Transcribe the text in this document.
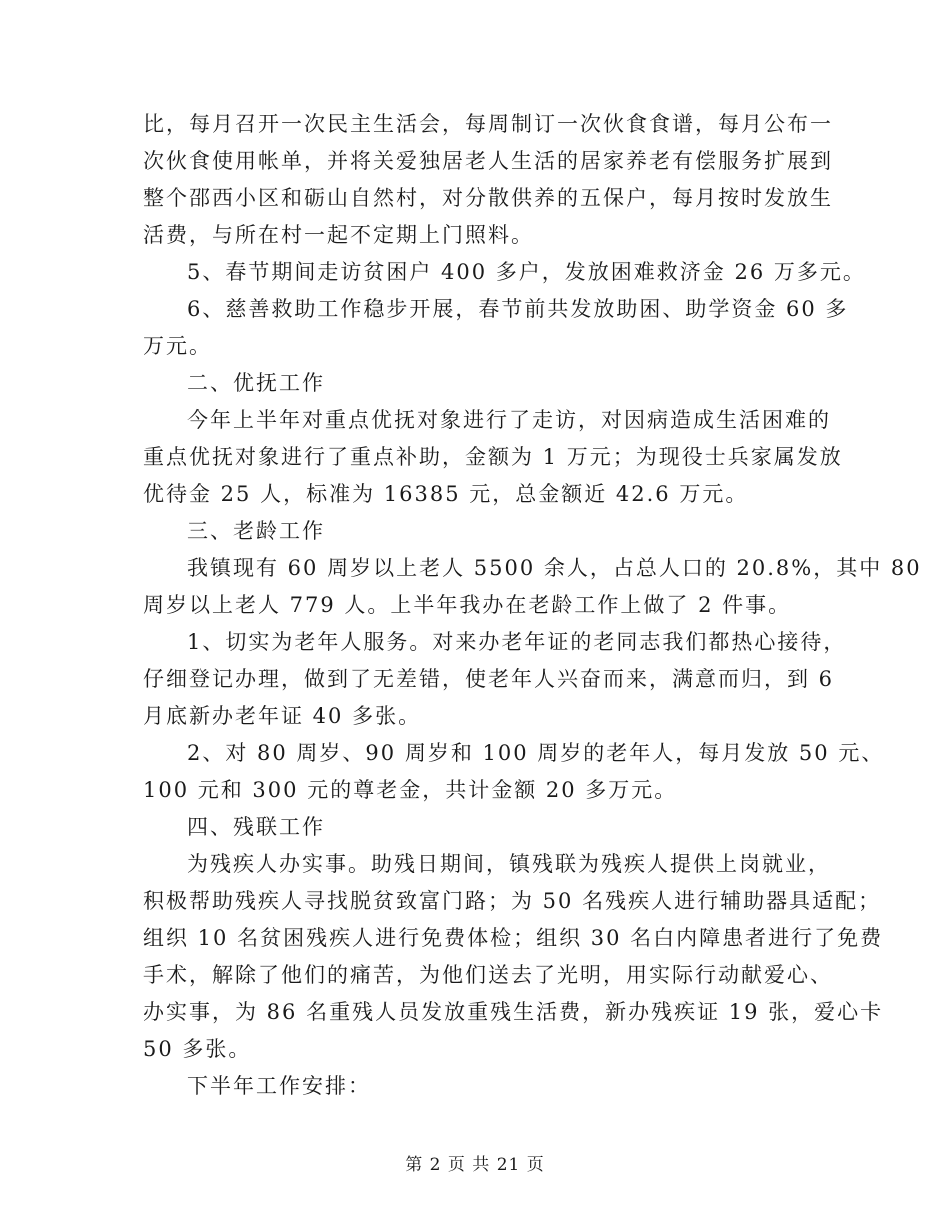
比，每月召开一次民主生活会，每周制订一次伙食食谱，每月公布一
次伙食使用帐单，并将关爱独居老人生活的居家养老有偿服务扩展到
整个邵西小区和砺山自然村，对分散供养的五保户，每月按时发放生
活费，与所在村一起不定期上门照料。
5、春节期间走访贫困户 400 多户，发放困难救济金 26 万多元。
6、慈善救助工作稳步开展，春节前共发放助困、助学资金 60 多
万元。
二、优抚工作
今年上半年对重点优抚对象进行了走访，对因病造成生活困难的
重点优抚对象进行了重点补助，金额为 1 万元；为现役士兵家属发放
优待金 25 人，标准为 16385 元，总金额近 42.6 万元。
三、老龄工作
我镇现有 60 周岁以上老人 5500 余人，占总人口的 20.8%，其中 80
周岁以上老人 779 人。上半年我办在老龄工作上做了 2 件事。
1、切实为老年人服务。对来办老年证的老同志我们都热心接待，
仔细登记办理，做到了无差错，使老年人兴奋而来，满意而归，到 6
月底新办老年证 40 多张。
2、对 80 周岁、90 周岁和 100 周岁的老年人，每月发放 50 元、
100 元和 300 元的尊老金，共计金额 20 多万元。
四、残联工作
为残疾人办实事。助残日期间，镇残联为残疾人提供上岗就业，
积极帮助残疾人寻找脱贫致富门路；为 50 名残疾人进行辅助器具适配；
组织 10 名贫困残疾人进行免费体检；组织 30 名白内障患者进行了免费
手术，解除了他们的痛苦，为他们送去了光明，用实际行动献爱心、
办实事，为 86 名重残人员发放重残生活费，新办残疾证 19 张，爱心卡
50 多张。
下半年工作安排：
第 2 页 共 21 页
